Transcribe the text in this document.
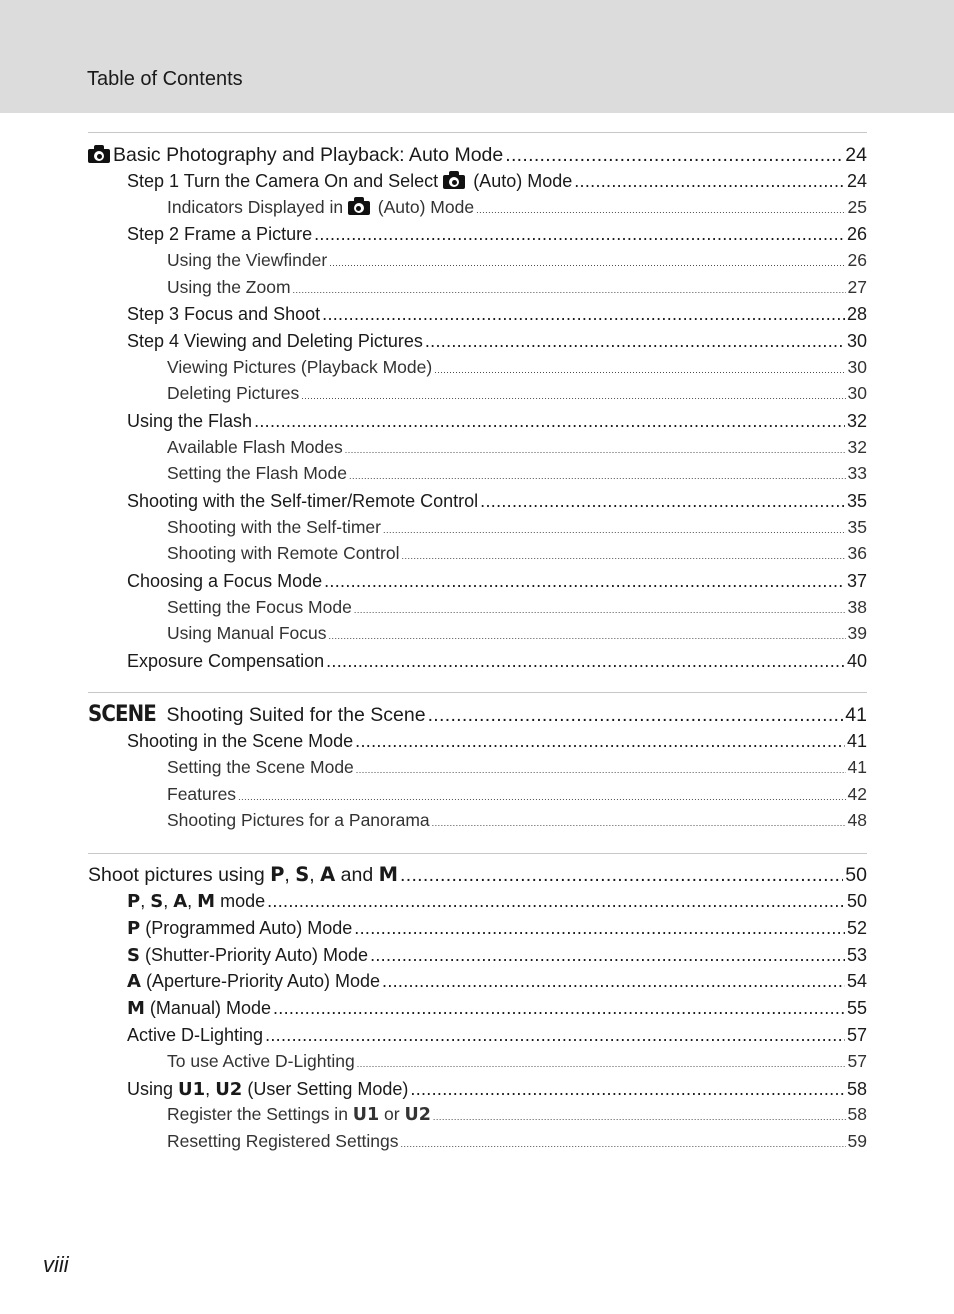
Table of Contents
Basic Photography and Playback: Auto Mode .....	24
Step 1 Turn the Camera On and Select
(Auto) Mode .....	24
Indicators Displayed in
(Auto) Mode .....	25
Step 2 Frame a Picture .....	26
Using the Viewfinder .....	26
Using the Zoom .....	27
Step 3 Focus and Shoot .....	28
Step 4 Viewing and Deleting Pictures .....	30
Viewing Pictures (Playback Mode) .....	30
Deleting Pictures .....	30
Using the Flash .....	32
Available Flash Modes .....	32
Setting the Flash Mode .....	33
Shooting with the Self-timer/Remote Control .....	35
Shooting with the Self-timer .....	35
Shooting with Remote Control .....	36
Choosing a Focus Mode .....	37
Setting the Focus Mode .....	38
Using Manual Focus .....	39
Exposure Compensation .....	40
SCENE Shooting Suited for the Scene .....	41
Shooting in the Scene Mode .....	41
Setting the Scene Mode .....	41
Features .....	42
Shooting Pictures for a Panorama .....	48
Shoot pictures using P, S, A and M .....	50
P, S, A, M mode .....	50
P (Programmed Auto) Mode .....	52
S (Shutter-Priority Auto) Mode .....	53
A (Aperture-Priority Auto) Mode .....	54
M (Manual) Mode .....	55
Active D-Lighting .....	57
To use Active D-Lighting .....	57
Using U1, U2 (User Setting Mode) .....	58
Register the Settings in U1 or U2 .....	58
Resetting Registered Settings .....	59
viii
